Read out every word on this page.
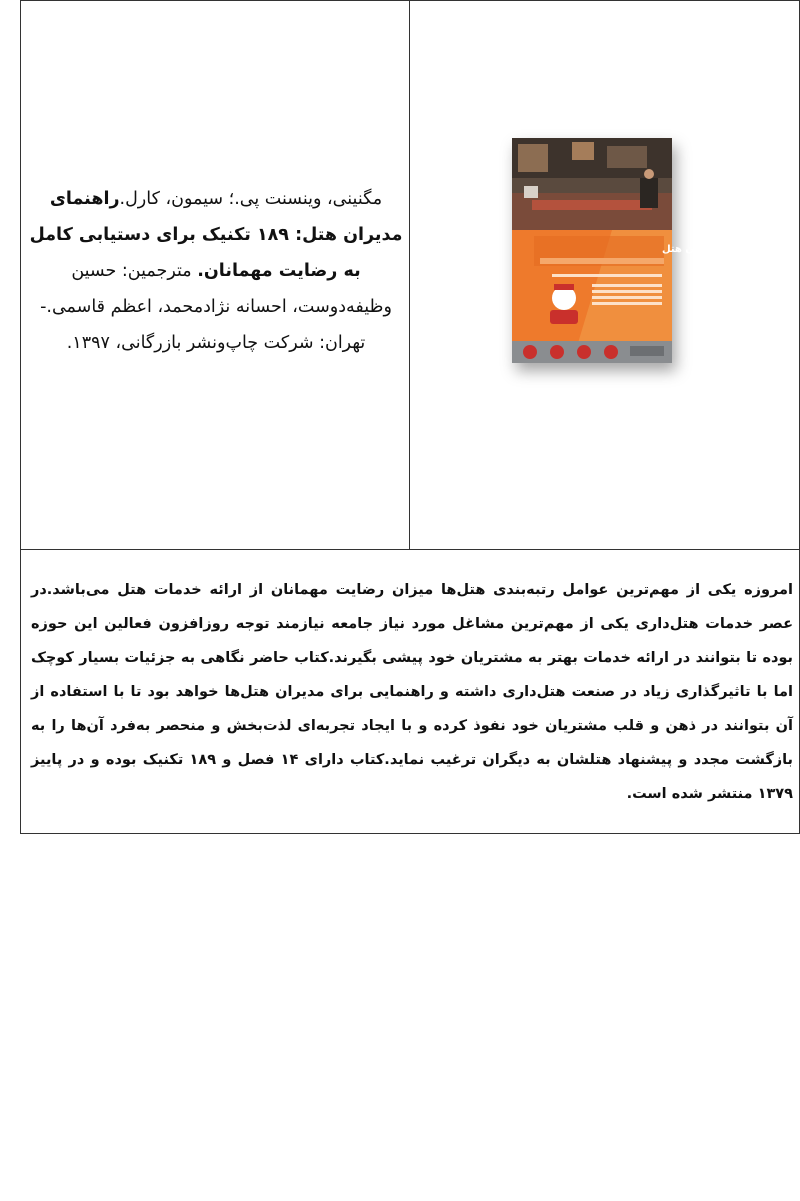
مگنینی، وینسنت پی.؛ سیمون، کارل.راهنمای مدیران هتل: ۱۸۹ تکنیک برای دستیابی کامل به رضایت مهمانان. مترجمین: حسین وظیفه‌دوست، احسانه نژادمحمد، اعظم قاسمی.- تهران: شرکت چاپ‌ونشر بازرگانی، ۱۳۹۷.
راهنمای مدیران هتل
امروزه یکی از مهم‌ترین عوامل رتبه‌بندی هتل‌ها میزان رضایت مهمانان از ارائه خدمات هتل می‌باشد.در عصر خدمات هتل‌داری یکی از مهم‌ترین مشاغل مورد نیاز جامعه نیازمند توجه روزافزون فعالین این حوزه بوده تا بتوانند در ارائه خدمات بهتر به مشتریان خود پیشی بگیرند.کتاب حاضر نگاهی به جزئیات بسیار کوچک اما با تاثیرگذاری زیاد در صنعت هتل‌داری داشته و راهنمایی برای مدیران هتل‌ها خواهد بود تا با استفاده از آن بتوانند در ذهن و قلب مشتریان خود نفوذ کرده و با ایجاد تجربه‌ای لذت‌بخش و منحصر به‌فرد آن‌ها را به بازگشت مجدد و پیشنهاد هتلشان به دیگران ترغیب نماید.کتاب دارای ۱۴ فصل و ۱۸۹ تکنیک بوده و در پاییز ۱۳۷۹ منتشر شده است.
